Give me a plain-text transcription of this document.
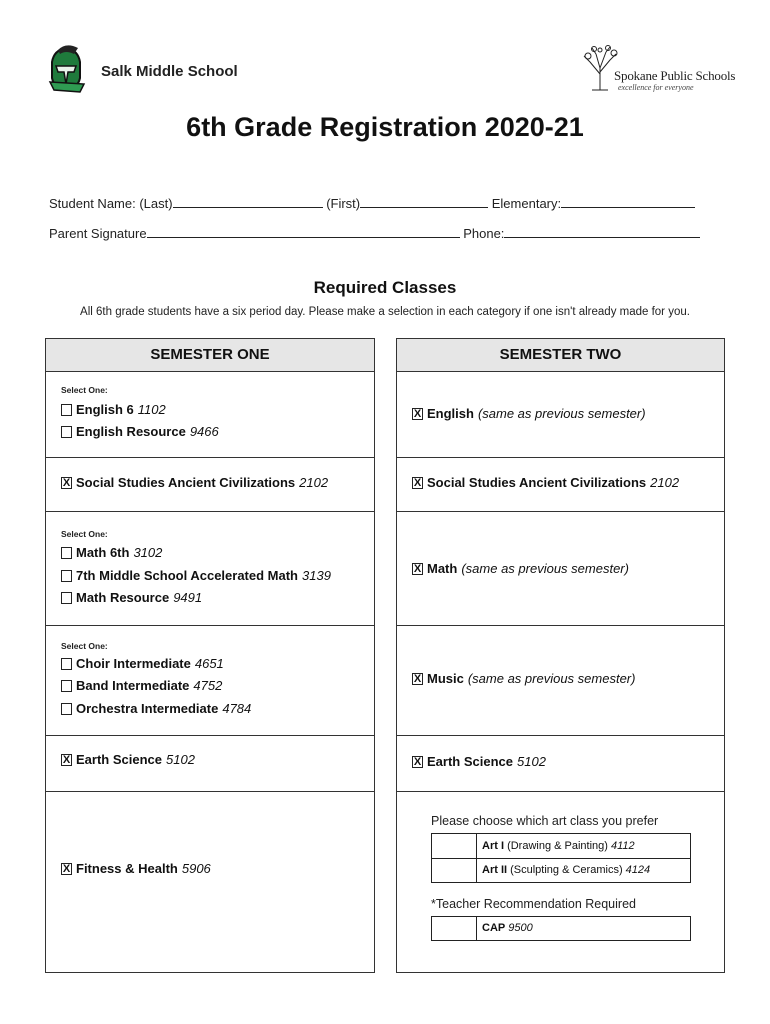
Salk Middle School	Spokane Public Schools
excellence for everyone
6th Grade Registration 2020-21
Student Name: (Last)	(First)	Elementary:
Parent Signature	Phone:
Required Classes
All 6th grade students have a six period day. Please make a selection in each category if one isn't already made for you.
SEMESTER ONE
Select One:
English 6 1102
English Resource 9466
X Social Studies Ancient Civilizations 2102
Select One:
Math 6th 3102
7th Middle School Accelerated Math 3139
Math Resource 9491
Select One:
Choir Intermediate 4651
Band Intermediate 4752
Orchestra Intermediate 4784
X Earth Science 5102
X Fitness & Health 5906
SEMESTER TWO
X English (same as previous semester)
X Social Studies Ancient Civilizations 2102
X Math (same as previous semester)
X Music (same as previous semester)
X Earth Science 5102
Please choose which art class you prefer
Art I (Drawing & Painting) 4112
Art II (Sculpting & Ceramics) 4124
*Teacher Recommendation Required
CAP 9500
